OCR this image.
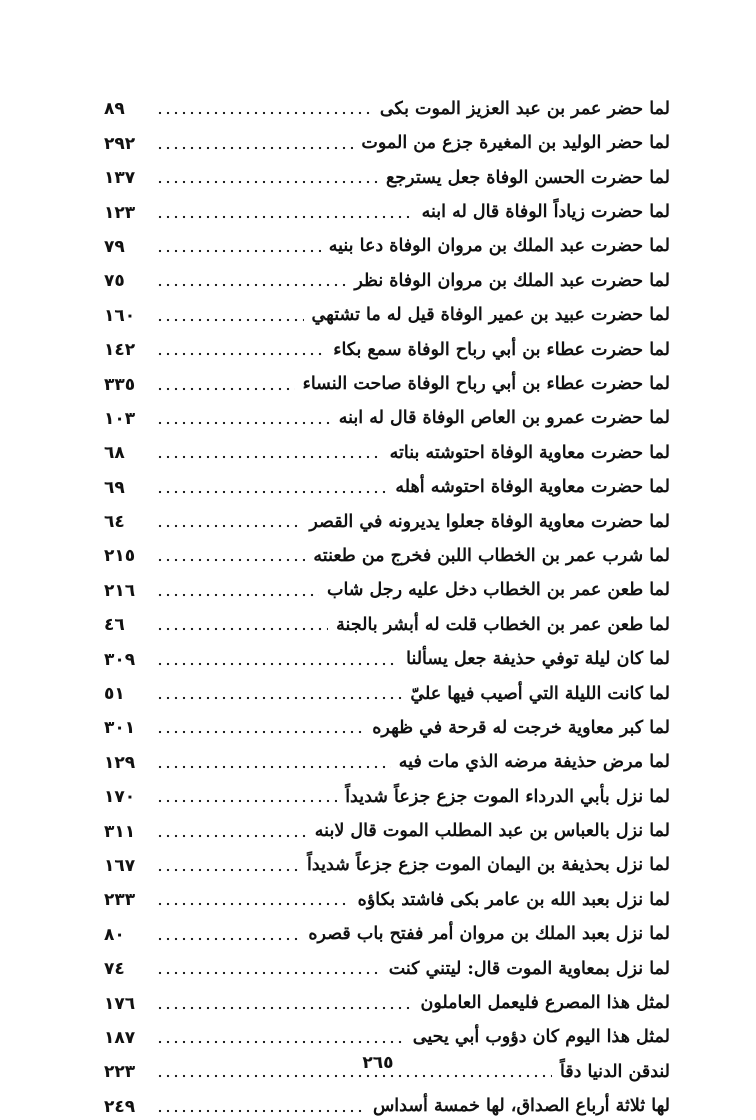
لما حضر عمر بن عبد العزيز الموت بكى
٨٩
لما حضر الوليد بن المغيرة جزع من الموت
٢٩٢
لما حضرت الحسن الوفاة جعل يسترجع
١٣٧
لما حضرت زياداً الوفاة قال له ابنه
١٢٣
لما حضرت عبد الملك بن مروان الوفاة دعا بنيه
٧٩
لما حضرت عبد الملك بن مروان الوفاة نظر
٧٥
لما حضرت عبيد بن عمير الوفاة قيل له ما تشتهي
١٦٠
لما حضرت عطاء بن أبي رباح الوفاة سمع بكاء
١٤٢
لما حضرت عطاء بن أبي رباح الوفاة صاحت النساء
٣٣٥
لما حضرت عمرو بن العاص الوفاة قال له ابنه
١٠٣
لما حضرت معاوية الوفاة احتوشته بناته
٦٨
لما حضرت معاوية الوفاة احتوشه أهله
٦٩
لما حضرت معاوية الوفاة جعلوا يديرونه في القصر
٦٤
لما شرب عمر بن الخطاب اللبن فخرج من طعنته
٢١٥
لما طعن عمر بن الخطاب دخل عليه رجل شاب
٢١٦
لما طعن عمر بن الخطاب قلت له أبشر بالجنة
٤٦
لما كان ليلة توفي حذيفة جعل يسألنا
٣٠٩
لما كانت الليلة التي أصيب فيها عليّ
٥١
لما كبر معاوية خرجت له قرحة في ظهره
٣٠١
لما مرض حذيفة مرضه الذي مات فيه
١٢٩
لما نزل بأبي الدرداء الموت جزع جزعاً شديداً
١٧٠
لما نزل بالعباس بن عبد المطلب الموت قال لابنه
٣١١
لما نزل بحذيفة بن اليمان الموت جزع جزعاً شديداً
١٦٧
لما نزل بعبد الله بن عامر بكى فاشتد بكاؤه
٢٣٣
لما نزل بعبد الملك بن مروان أمر ففتح باب قصره
٨٠
لما نزل بمعاوية الموت قال: ليتني كنت
٧٤
لمثل هذا المصرع فليعمل العاملون
١٧٦
لمثل هذا اليوم كان دؤوب أبي يحيى
١٨٧
لندقن الدنيا دقاً
٢٢٣
لها ثلاثة أرباع الصداق، لها خمسة أسداس
٢٤٩
٢٦٥
